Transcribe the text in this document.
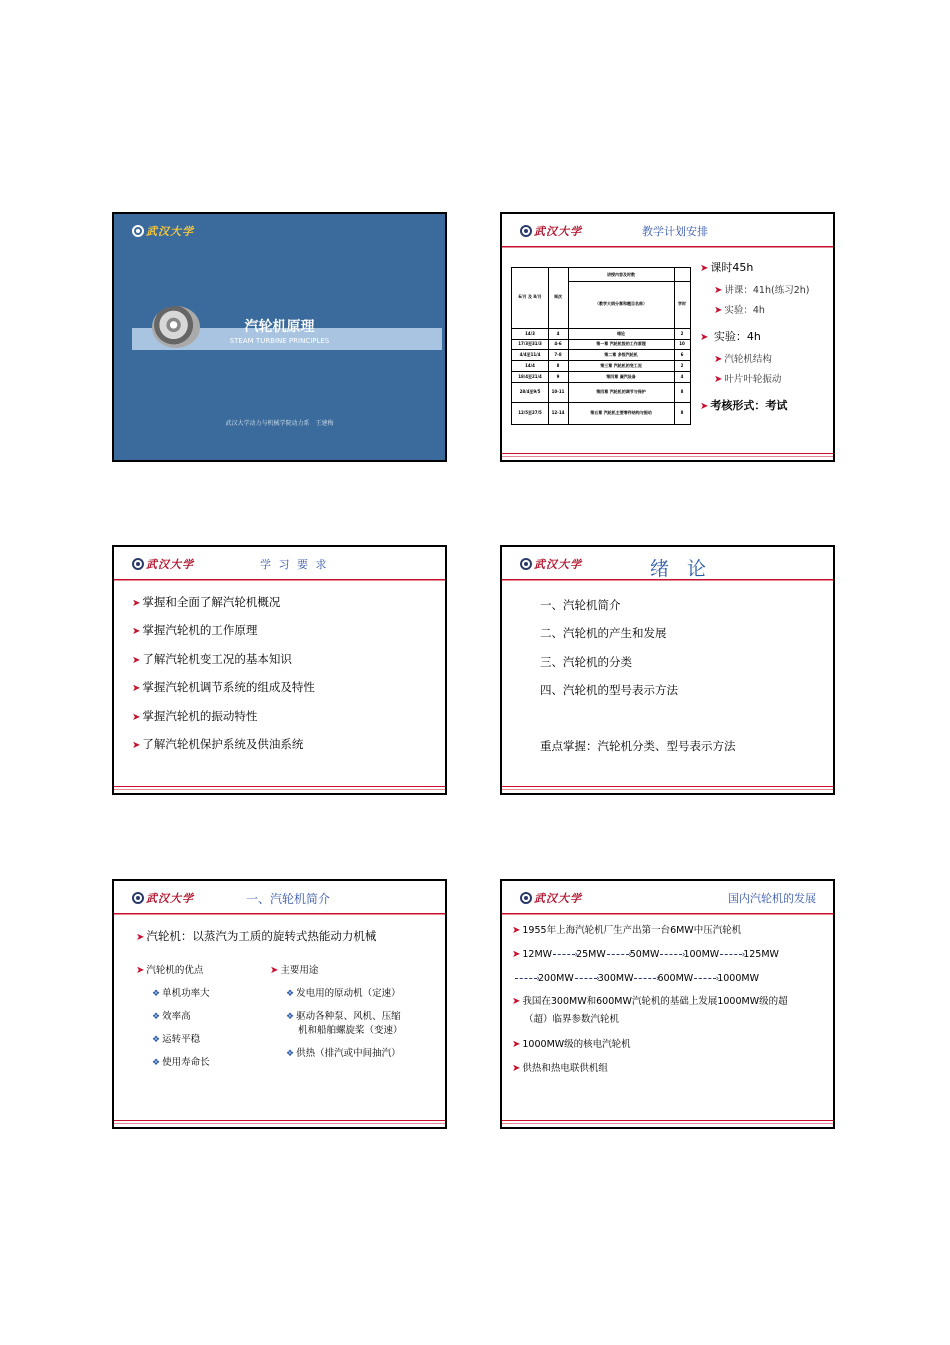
武汉大学
汽轮机原理
STEAM TURBINE PRINCIPLES
武汉大学动力与机械学院动力系　王建梅
武汉大学	教学计划安排
讲授内容及时数
6/月 及 8/月	周次
（教学大纲分章和题目名称）	学时
14/3	4	绪论	2
17/3至31/3	4-6	第一章 汽轮机级的工作原理	10
4/4至11/4	7-8	第二章 多级汽轮机	6
14/4	8	第三章 汽轮机的变工况	2
18/4至21/4	9	第四章 凝汽设备	4
28/4至9/5	10-11	第四章 汽轮机的调节与保护	8
12/5至27/5	12-14	第五章 汽轮机主要零件结构与振动	8
➤ 课时45h
➤ 讲课：41h(练习2h)
➤ 实验：4h
➤ 实验：4h
➤ 汽轮机结构
➤ 叶片叶轮振动
➤ 考核形式：考试
武汉大学	学 习 要 求
➤ 掌握和全面了解汽轮机概况
➤ 掌握汽轮机的工作原理
➤ 了解汽轮机变工况的基本知识
➤ 掌握汽轮机调节系统的组成及特性
➤ 掌握汽轮机的振动特性
➤ 了解汽轮机保护系统及供油系统
武汉大学	绪 论
一、汽轮机简介
二、汽轮机的产生和发展
三、汽轮机的分类
四、汽轮机的型号表示方法
重点掌握：汽轮机分类、型号表示方法
武汉大学	一、汽轮机简介
➤ 汽轮机：以蒸汽为工质的旋转式热能动力机械
➤ 汽轮机的优点
❖ 单机功率大
❖ 效率高
❖ 运转平稳
❖ 使用寿命长
➤ 主要用途
❖ 发电用的原动机（定速）
❖ 驱动各种泵、风机、压缩
机和船舶螺旋桨（变速）
❖ 供热（排汽或中间抽汽）
武汉大学	国内汽轮机的发展
➤ 1955年上海汽轮机厂生产出第一台6MW中压汽轮机
➤ 12MW ›	25MW ›	50MW ›	100MW ›	125MW
›200MW ›	300MW ›	600MW ›	1000MW
➤ 我国在300MW和600MW汽轮机的基础上发展1000MW级的超
（超）临界参数汽轮机
➤ 1000MW级的核电汽轮机
➤ 供热和热电联供机组
